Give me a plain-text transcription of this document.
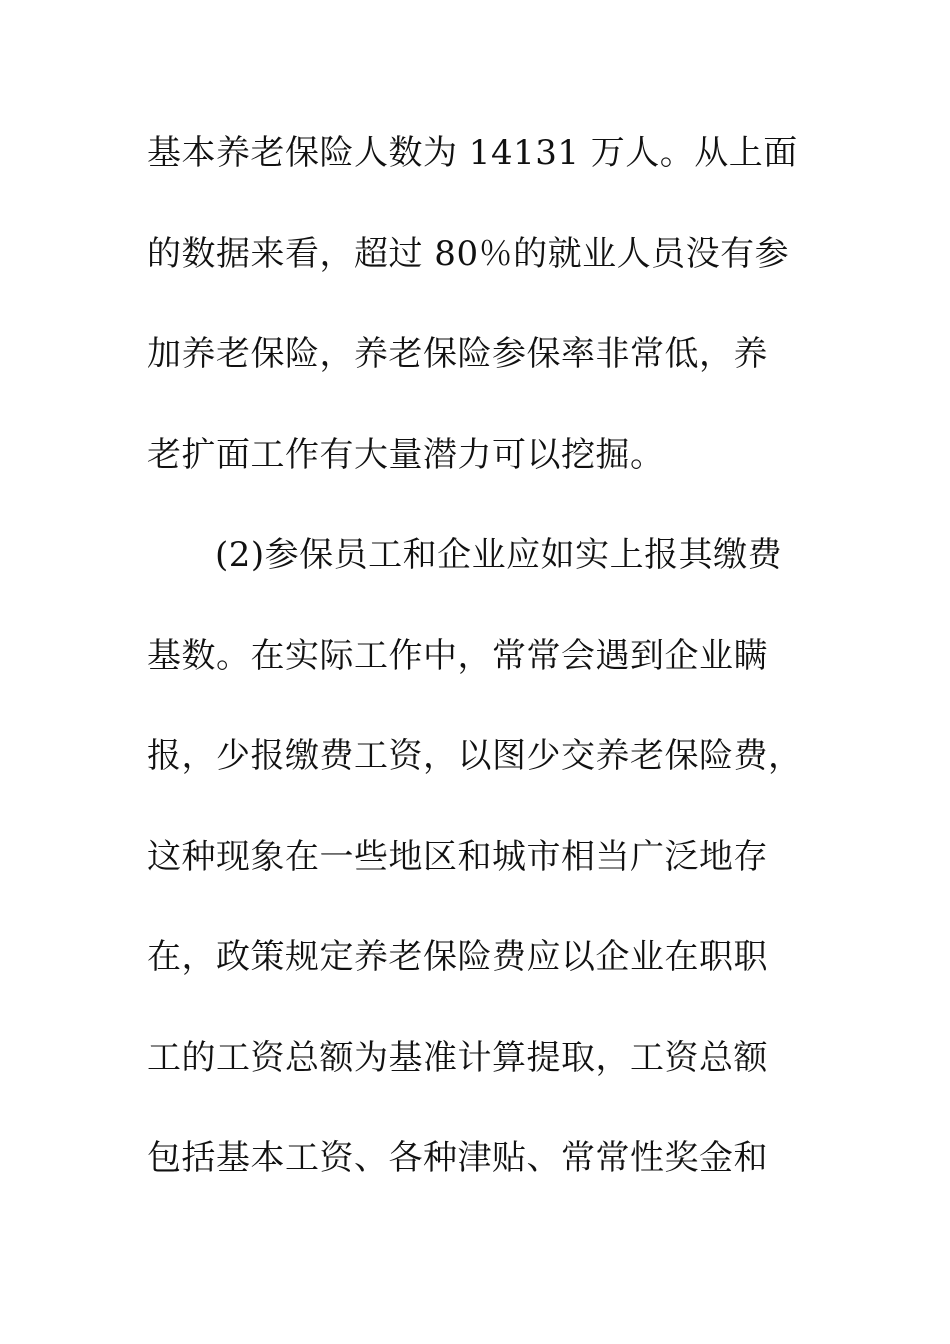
基本养老保险人数为 14131 万人。从上面
的数据来看，超过 80％的就业人员没有参
加养老保险，养老保险参保率非常低，养
老扩面工作有大量潜力可以挖掘。
(2)参保员工和企业应如实上报其缴费
基数。在实际工作中，常常会遇到企业瞒
报，少报缴费工资，以图少交养老保险费，
这种现象在一些地区和城市相当广泛地存
在，政策规定养老保险费应以企业在职职
工的工资总额为基准计算提取，工资总额
包括基本工资、各种津贴、常常性奖金和
